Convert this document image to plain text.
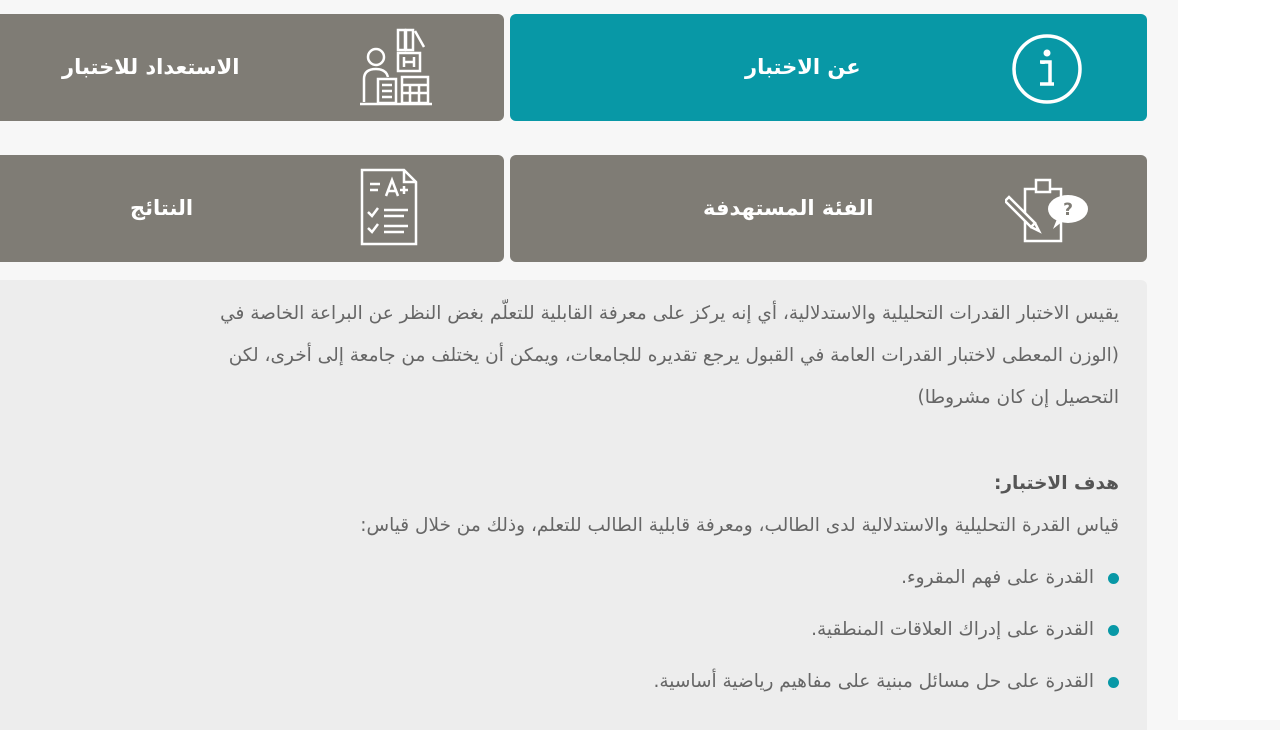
عن الاختبار
الاستعداد للاختبار
الفئة المستهدفة	?
النتائج
يقيس الاختبار القدرات التحليلية والاستدلالية، أي إنه يركز على معرفة القابلية للتعلّم بغض النظر عن البراعة الخاصة في
(الوزن المعطى لاختبار القدرات العامة في القبول يرجع تقديره للجامعات، ويمكن أن يختلف من جامعة إلى أخرى، لكن
التحصيل إن كان مشروطا)
هدف الاختبار:
قياس القدرة التحليلية والاستدلالية لدى الطالب، ومعرفة قابلية الطالب للتعلم، وذلك من خلال قياس:
القدرة على فهم المقروء.
القدرة على إدراك العلاقات المنطقية.
القدرة على حل مسائل مبنية على مفاهيم رياضية أساسية.
